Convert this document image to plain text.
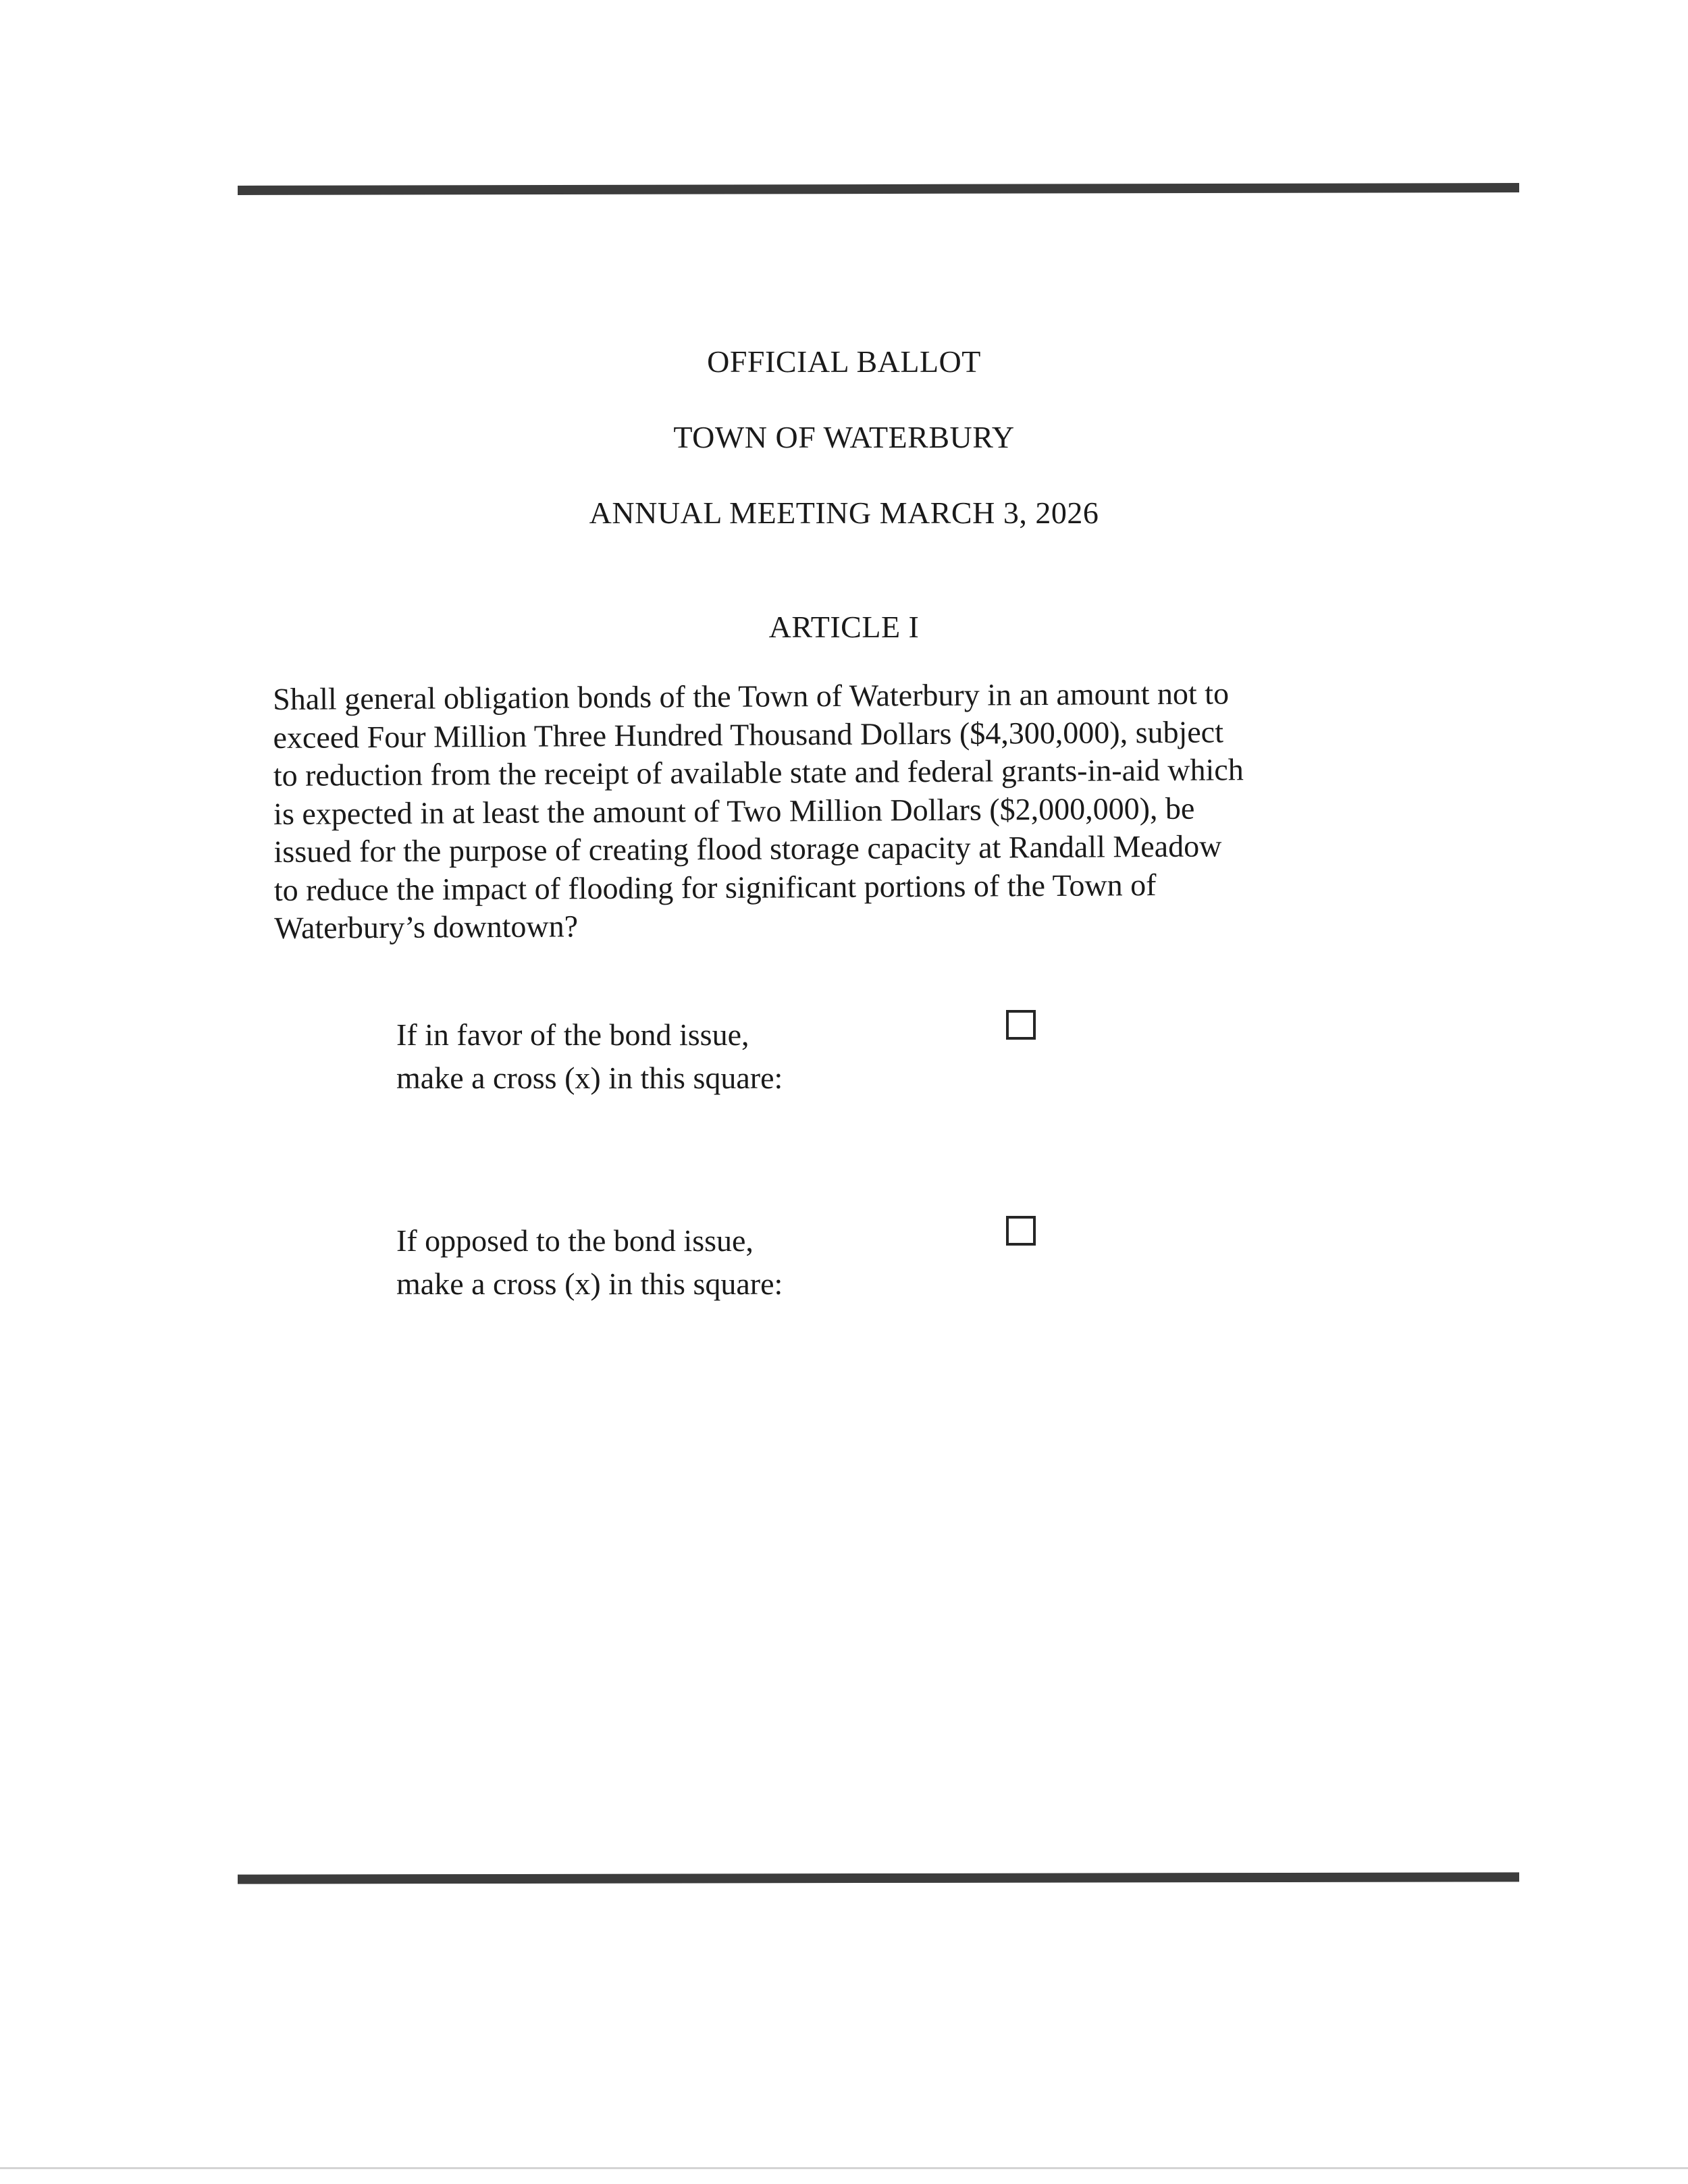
OFFICIAL BALLOT
TOWN OF WATERBURY
ANNUAL MEETING MARCH 3, 2026
ARTICLE I
Shall general obligation bonds of the Town of Waterbury in an amount not to
exceed Four Million Three Hundred Thousand Dollars ($4,300,000), subject
to reduction from the receipt of available state and federal grants-in-aid which
is expected in at least the amount of Two Million Dollars ($2,000,000), be
issued for the purpose of creating flood storage capacity at Randall Meadow
to reduce the impact of flooding for significant portions of the Town of
Waterbury’s downtown?
If in favor of the bond issue,
make a cross (x) in this square:
If opposed to the bond issue,
make a cross (x) in this square:
